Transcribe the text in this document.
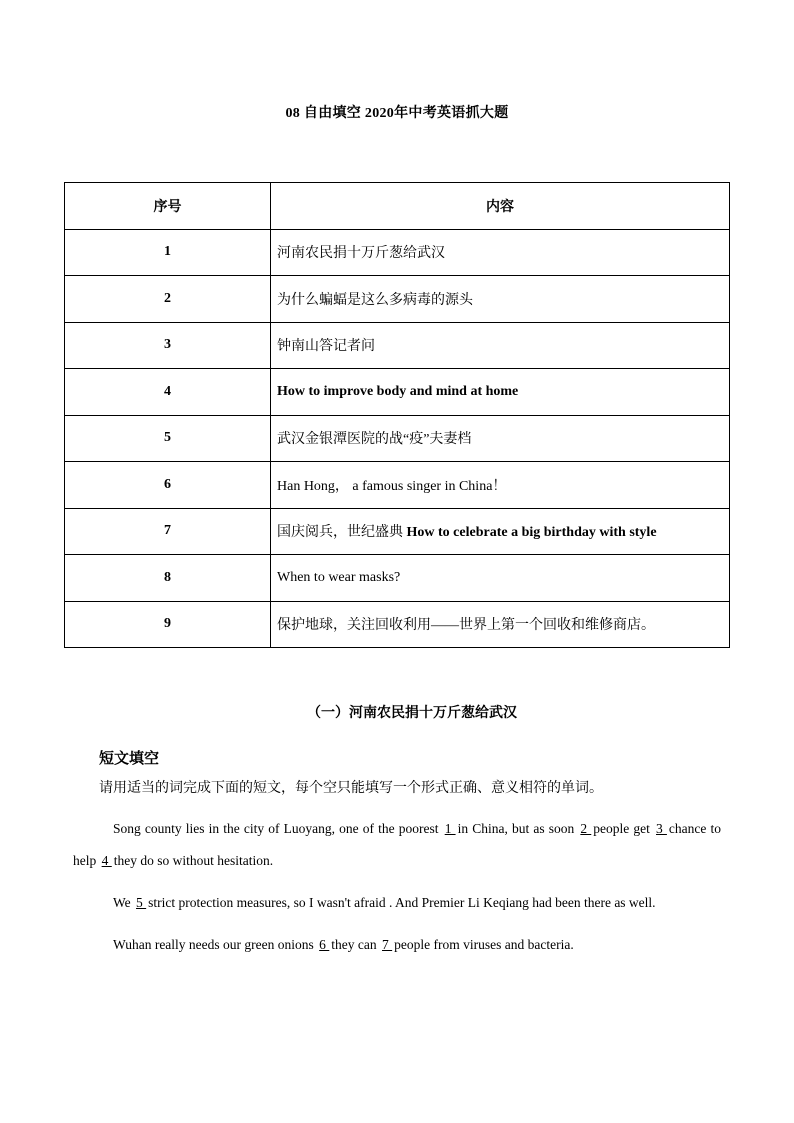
08 自由填空 2020年中考英语抓大题
序号	内容
1	河南农民捐十万斤葱给武汉
2	为什么蝙蝠是这么多病毒的源头
3	钟南山答记者问
4	How to improve body and mind at home
5	武汉金银潭医院的战“疫”夫妻档
6	Han Hong， a famous singer in China！
7	国庆阅兵，世纪盛典 How to celebrate a big birthday with style
8	When to wear masks?
9	保护地球，关注回收利用——世界上第一个回收和维修商店。
（一）河南农民捐十万斤葱给武汉
短文填空
请用适当的词完成下面的短文，每个空只能填写一个形式正确、意义相符的单词。
Song county lies in the city of Luoyang, one of the poorest 1 in China, but as soon 2 people get 3 chance to help 4 they do so without hesitation.
We 5 strict protection measures, so I wasn't afraid . And Premier Li Keqiang had been there as well.
Wuhan really needs our green onions 6 they can 7 people from viruses and bacteria.
